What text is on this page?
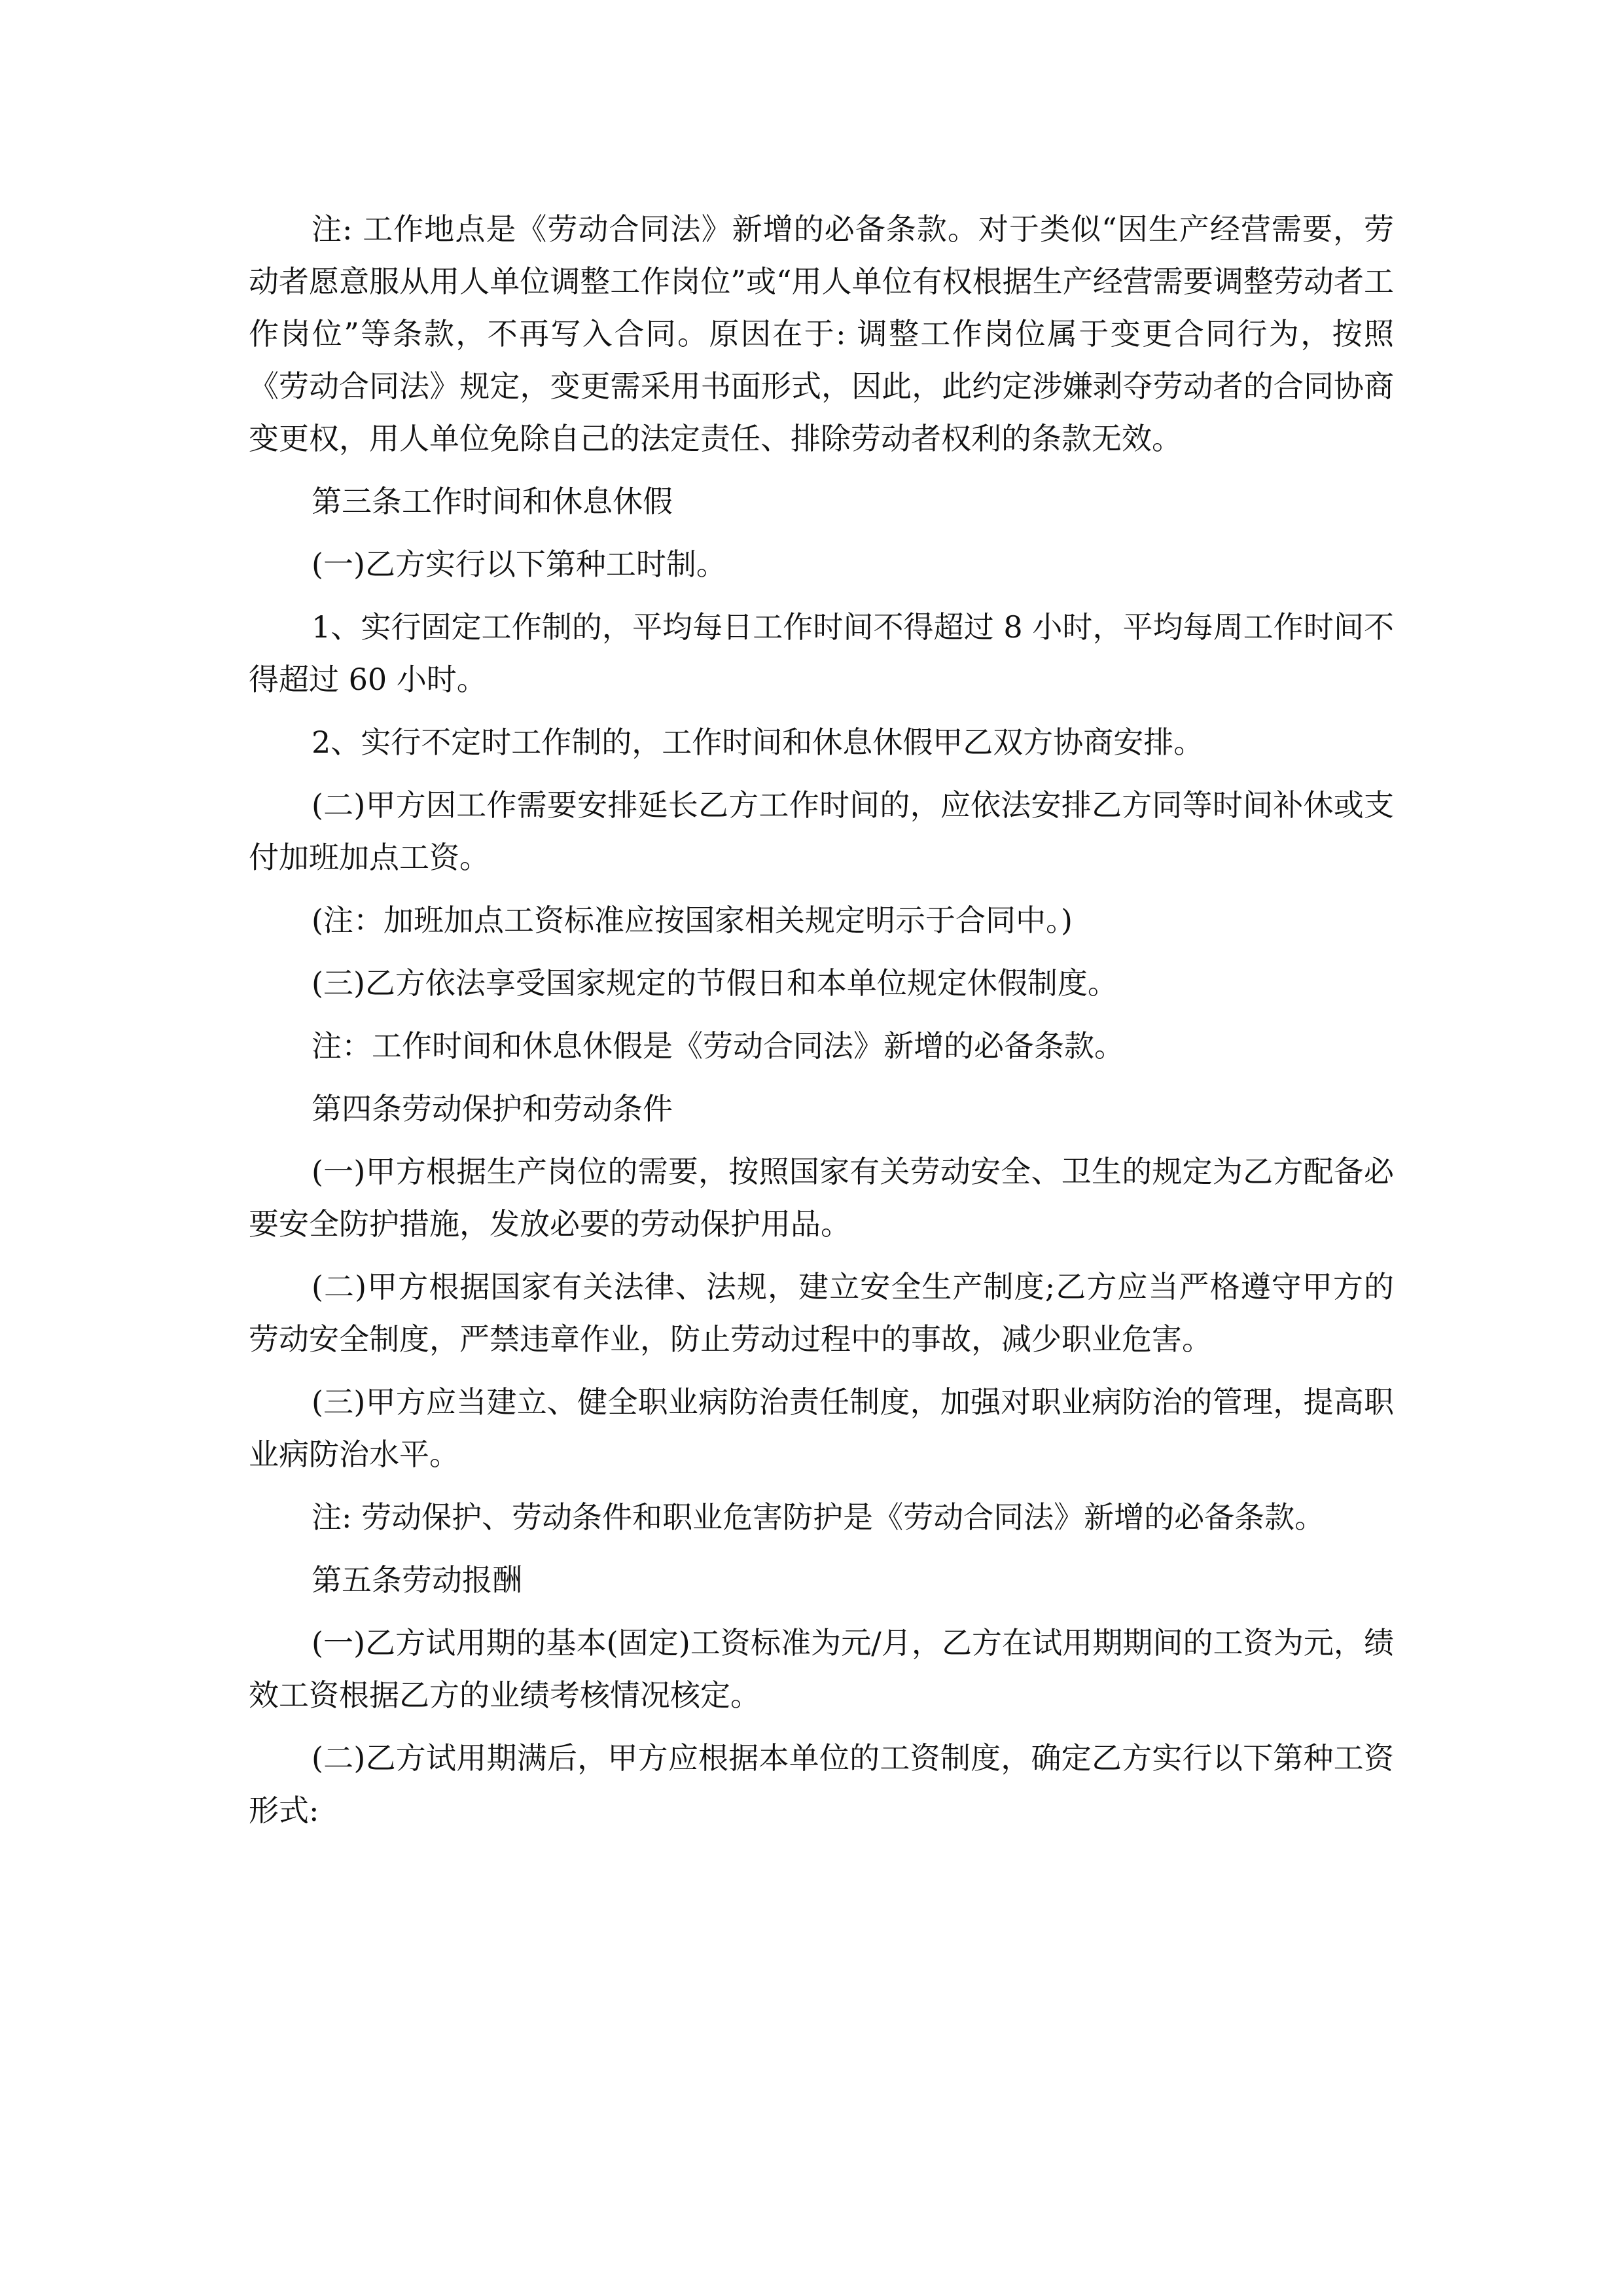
注: 工作地点是《劳动合同法》新增的必备条款。对于类似“因生产经营需要，劳动者愿意服从用人单位调整工作岗位”或“用人单位有权根据生产经营需要调整劳动者工作岗位”等条款，不再写入合同。原因在于: 调整工作岗位属于变更合同行为，按照《劳动合同法》规定，变更需采用书面形式，因此，此约定涉嫌剥夺劳动者的合同协商变更权，用人单位免除自己的法定责任、排除劳动者权利的条款无效。

第三条工作时间和休息休假

(一)乙方实行以下第种工时制。

1、实行固定工作制的，平均每日工作时间不得超过 8 小时，平均每周工作时间不得超过 60 小时。

2、实行不定时工作制的，工作时间和休息休假甲乙双方协商安排。

(二)甲方因工作需要安排延长乙方工作时间的，应依法安排乙方同等时间补休或支付加班加点工资。

(注：加班加点工资标准应按国家相关规定明示于合同中。)

(三)乙方依法享受国家规定的节假日和本单位规定休假制度。

注：工作时间和休息休假是《劳动合同法》新增的必备条款。

第四条劳动保护和劳动条件

(一)甲方根据生产岗位的需要，按照国家有关劳动安全、卫生的规定为乙方配备必要安全防护措施，发放必要的劳动保护用品。

(二)甲方根据国家有关法律、法规，建立安全生产制度;乙方应当严格遵守甲方的劳动安全制度，严禁违章作业，防止劳动过程中的事故，减少职业危害。

(三)甲方应当建立、健全职业病防治责任制度，加强对职业病防治的管理，提高职业病防治水平。

注: 劳动保护、劳动条件和职业危害防护是《劳动合同法》新增的必备条款。

第五条劳动报酬

(一)乙方试用期的基本(固定)工资标准为元/月，乙方在试用期期间的工资为元，绩效工资根据乙方的业绩考核情况核定。

(二)乙方试用期满后，甲方应根据本单位的工资制度，确定乙方实行以下第种工资形式:
